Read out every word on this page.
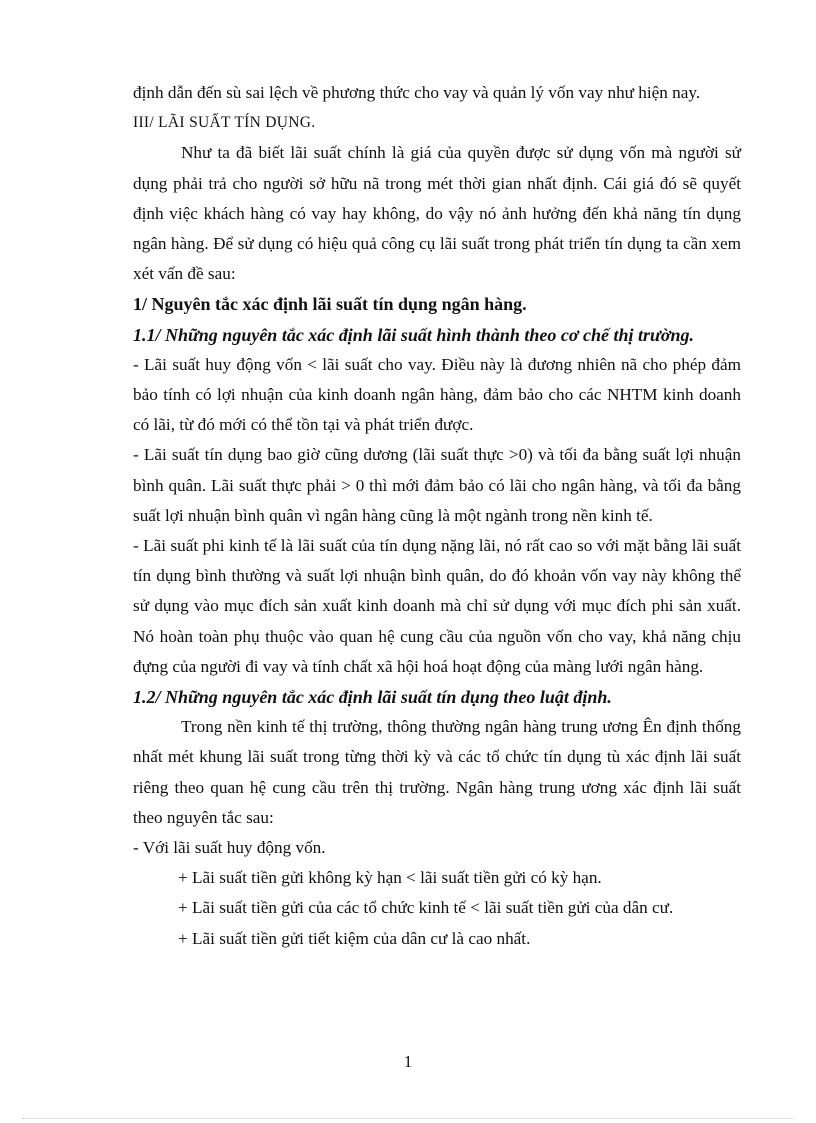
định dẫn đến sù sai lệch về phương thức cho vay và quản lý vốn vay như hiện nay.

III/ LÃI SUẤT TÍN DỤNG.

Như ta đã biết lãi suất chính là giá của quyền được sử dụng vốn mà người sử dụng phải trả cho người sở hữu nã trong mét thời gian nhất định. Cái giá đó sẽ quyết định việc khách hàng có vay hay không, do vậy nó ảnh hưởng đến khả năng tín dụng ngân hàng. Để sử dụng có hiệu quả công cụ lãi suất trong phát triển tín dụng ta cần xem xét vấn đề sau:

1/ Nguyên tắc xác định lãi suất tín dụng ngân hàng.

1.1/ Những nguyên tắc xác định lãi suất hình thành theo cơ chế thị trường.

- Lãi suất huy động vốn < lãi suất cho vay. Điều này là đương nhiên nã cho phép đảm bảo tính có lợi nhuận của kinh doanh ngân hàng, đảm bảo cho các NHTM kinh doanh có lãi, từ đó mới có thể tồn tại và phát triển được.

- Lãi suất tín dụng bao giờ cũng dương (lãi suất thực >0) và tối đa bằng suất lợi nhuận bình quân. Lãi suất thực phải > 0 thì mới đảm bảo có lãi cho ngân hàng, và tối đa bằng suất lợi nhuận bình quân vì ngân hàng cũng là một ngành trong nền kinh tế.

- Lãi suất phi kinh tế là lãi suất của tín dụng nặng lãi, nó rất cao so với mặt bằng lãi suất tín dụng bình thường và suất lợi nhuận bình quân, do đó khoản vốn vay này không thể sử dụng vào mục đích sản xuất kinh doanh mà chỉ sử dụng với mục đích phi sản xuất. Nó hoàn toàn phụ thuộc vào quan hệ cung cầu của nguồn vốn cho vay, khả năng chịu đựng của người đi vay và tính chất xã hội hoá hoạt động của màng lưới ngân hàng.

1.2/ Những nguyên tắc xác định lãi suất tín dụng theo luật định.

Trong nền kinh tế thị trường, thông thường ngân hàng trung ương Ên định thống nhất mét khung lãi suất trong từng thời kỳ và các tổ chức tín dụng tù xác định lãi suất riêng theo quan hệ cung cầu trên thị trường. Ngân hàng trung ương xác định lãi suất theo nguyên tắc sau:

- Với lãi suất huy động vốn.

+ Lãi suất tiền gửi không kỳ hạn < lãi suất tiền gửi có kỳ hạn.

+ Lãi suất tiền gửi của các tổ chức kinh tế < lãi suất tiền gửi của dân cư.

+ Lãi suất tiền gửi tiết kiệm của dân cư là cao nhất.

1
